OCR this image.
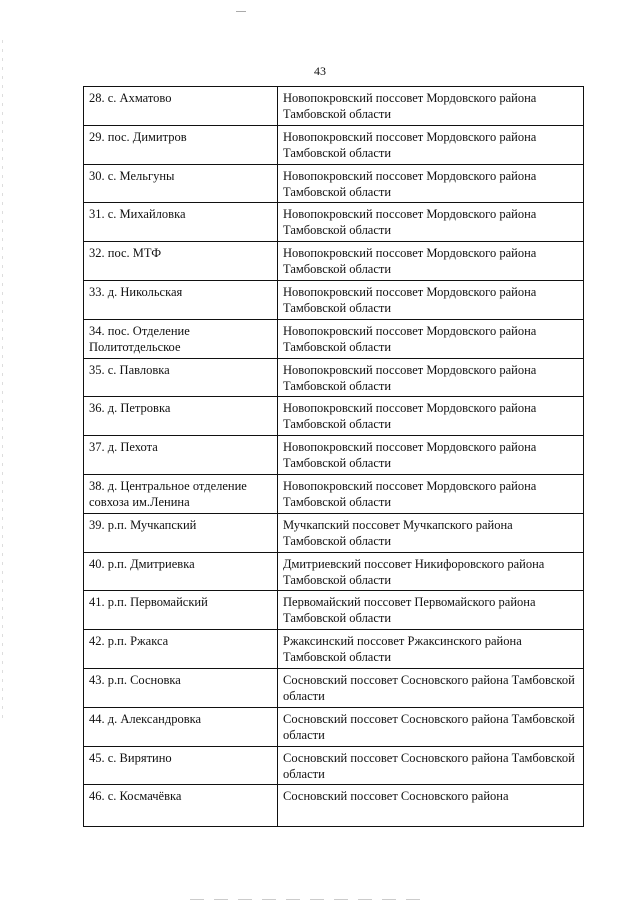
43
28. с. Ахматово	Новопокровский поссовет Мордовского района Тамбовской области
29. пос. Димитров	Новопокровский поссовет Мордовского района Тамбовской области
30. с. Мельгуны	Новопокровский поссовет Мордовского района Тамбовской области
31. с. Михайловка	Новопокровский поссовет Мордовского района Тамбовской области
32. пос. МТФ	Новопокровский поссовет Мордовского района Тамбовской области
33. д. Никольская	Новопокровский поссовет Мордовского района Тамбовской области
34. пос. Отделение Политотдельское	Новопокровский поссовет Мордовского района Тамбовской области
35. с. Павловка	Новопокровский поссовет Мордовского района Тамбовской области
36. д. Петровка	Новопокровский поссовет Мордовского района Тамбовской области
37. д. Пехота	Новопокровский поссовет Мордовского района Тамбовской области
38. д. Центральное отделение совхоза им.Ленина	Новопокровский поссовет Мордовского района Тамбовской области
39. р.п. Мучкапский	Мучкапский поссовет Мучкапского района Тамбовской области
40. р.п. Дмитриевка	Дмитриевский поссовет Никифоровского района Тамбовской области
41. р.п. Первомайский	Первомайский поссовет Первомайского района Тамбовской области
42. р.п. Ржакса	Ржаксинский поссовет Ржаксинского района Тамбовской области
43. р.п. Сосновка	Сосновский поссовет Сосновского района Тамбовской области
44. д. Александровка	Сосновский поссовет Сосновского района Тамбовской области
45. с. Вирятино	Сосновский поссовет Сосновского района Тамбовской области
46. с. Космачёвка	Сосновский поссовет Сосновского района
